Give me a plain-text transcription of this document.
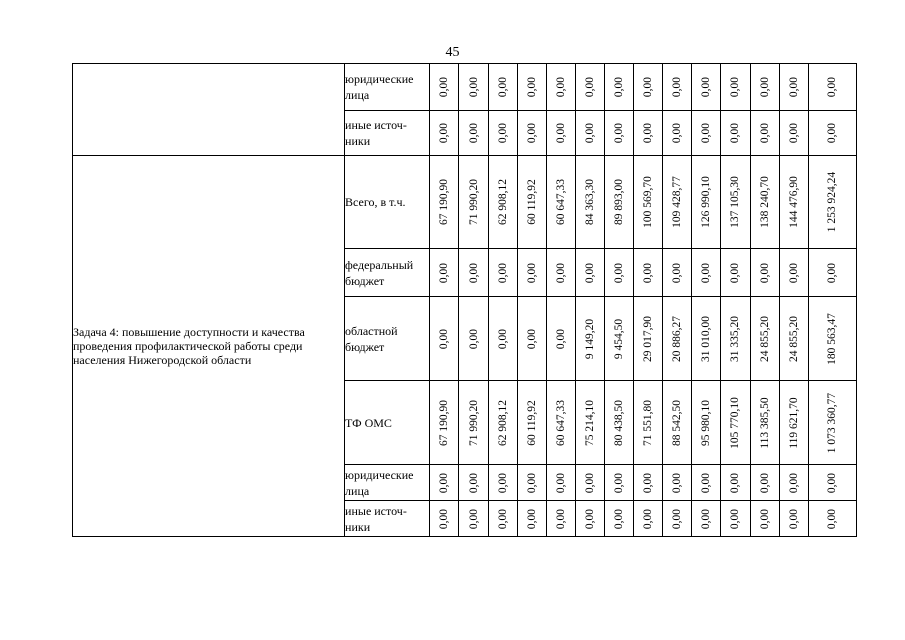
45
	юридические лица	0,00	0,00	0,00	0,00	0,00	0,00	0,00	0,00	0,00	0,00	0,00	0,00	0,00	0,00

	иные источ-ники	0,00	0,00	0,00	0,00	0,00	0,00	0,00	0,00	0,00	0,00	0,00	0,00	0,00	0,00

Задача 4: повышение доступности и качества проведения профилактической работы среди населения Нижегородской области	Всего, в т.ч.	67 190,90	71 990,20	62 908,12	60 119,92	60 647,33	84 363,30	89 893,00	100 569,70	109 428,77	126 990,10	137 105,30	138 240,70	144 476,90	1 253 924,24

	федеральный бюджет	0,00	0,00	0,00	0,00	0,00	0,00	0,00	0,00	0,00	0,00	0,00	0,00	0,00	0,00

	областной бюджет	0,00	0,00	0,00	0,00	0,00	9 149,20	9 454,50	29 017,90	20 886,27	31 010,00	31 335,20	24 855,20	24 855,20	180 563,47

	ТФ ОМС	67 190,90	71 990,20	62 908,12	60 119,92	60 647,33	75 214,10	80 438,50	71 551,80	88 542,50	95 980,10	105 770,10	113 385,50	119 621,70	1 073 360,77

	юридические лица	0,00	0,00	0,00	0,00	0,00	0,00	0,00	0,00	0,00	0,00	0,00	0,00	0,00	0,00

	иные источ-ники	0,00	0,00	0,00	0,00	0,00	0,00	0,00	0,00	0,00	0,00	0,00	0,00	0,00	0,00
